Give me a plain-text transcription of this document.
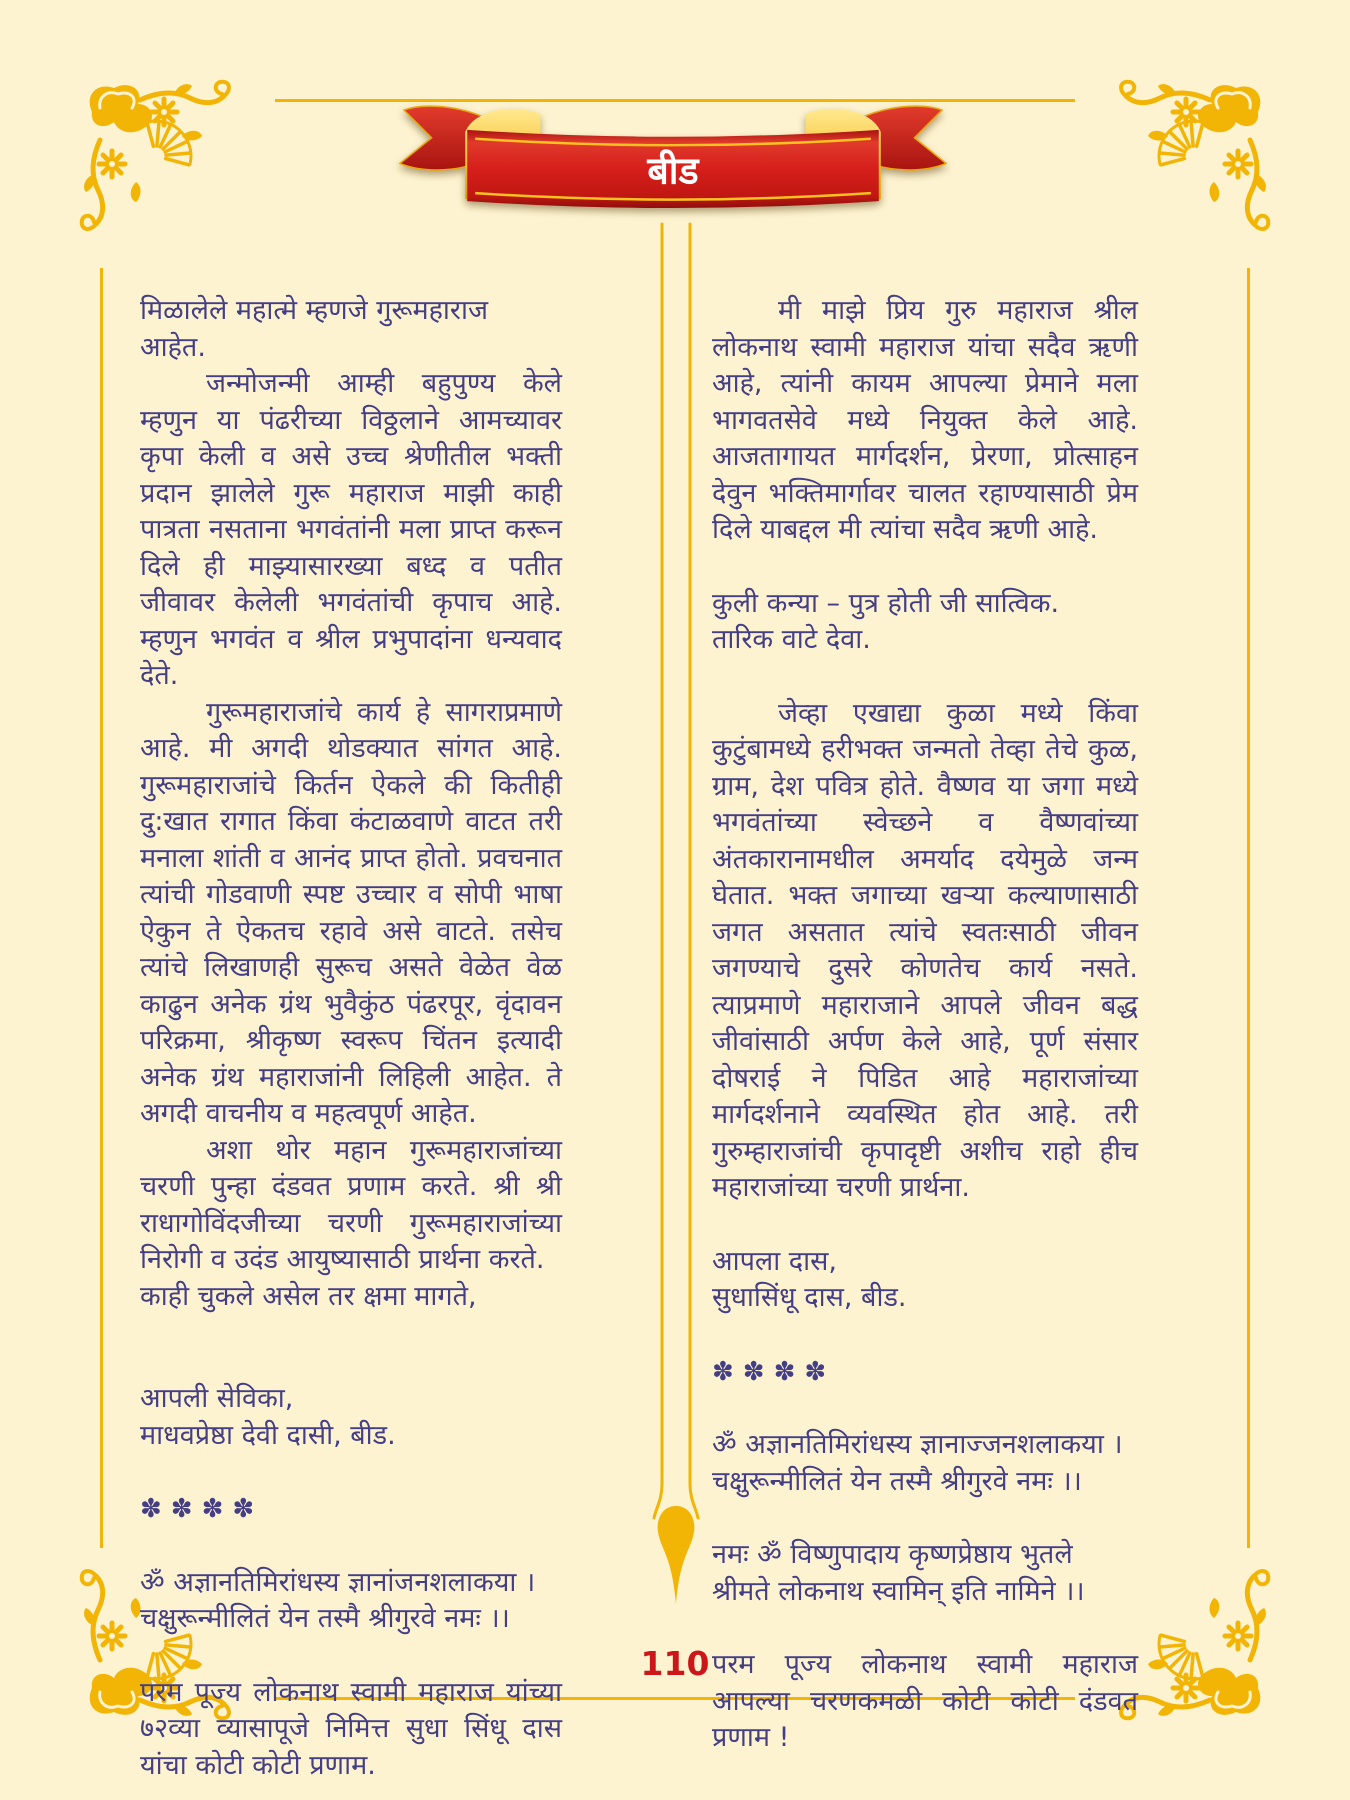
बीड

मिळालेले महात्मे म्हणजे गुरूमहाराज आहेत.

जन्मोजन्मी आम्ही बहुपुण्य केले म्हणुन या पंढरीच्या विठ्ठलाने आमच्यावर कृपा केली व असे उच्च श्रेणीतील भक्ती प्रदान झालेले गुरू महाराज माझी काही पात्रता नसताना भगवंतांनी मला प्राप्त करून दिले ही माझ्यासारख्या बध्द व पतीत जीवावर केलेली भगवंतांची कृपाच आहे. म्हणुन भगवंत व श्रील प्रभुपादांना धन्यवाद देते.

गुरूमहाराजांचे कार्य हे सागराप्रमाणे आहे. मी अगदी थोडक्यात सांगत आहे. गुरूमहाराजांचे किर्तन ऐकले की कितीही दु:खात रागात किंवा कंटाळवाणे वाटत तरी मनाला शांती व आनंद प्राप्त होतो. प्रवचनात त्यांची गोडवाणी स्पष्ट उच्चार व सोपी भाषा ऐकुन ते ऐकतच रहावे असे वाटते. तसेच त्यांचे लिखाणही सुरूच असते वेळेत वेळ काढुन अनेक ग्रंथ भुवैकुंठ पंढरपूर, वृंदावन परिक्रमा, श्रीकृष्ण स्वरूप चिंतन इत्यादी अनेक ग्रंथ महाराजांनी लिहिली आहेत. ते अगदी वाचनीय व महत्वपूर्ण आहेत.

अशा थोर महान गुरूमहाराजांच्या चरणी पुन्हा दंडवत प्रणाम करते. श्री श्री राधागोविंदजीच्या चरणी गुरूमहाराजांच्या निरोगी व उदंड आयुष्यासाठी प्रार्थना करते.

काही चुकले असेल तर क्षमा मागते,

आपली सेविका,

माधवप्रेष्ठा देवी दासी, बीड.

✽✽✽✽

ॐ अज्ञानतिमिरांधस्य ज्ञानांजनशलाकया ।

चक्षुरून्मीलितं येन तस्मै श्रीगुरवे नमः ।।

परम पूज्य लोकनाथ स्वामी महाराज यांच्या ७२व्या व्यासापूजे निमित्त सुधा सिंधू दास यांचा कोटी कोटी प्रणाम.

मी माझे प्रिय गुरु महाराज श्रील लोकनाथ स्वामी महाराज यांचा सदैव ऋणी आहे, त्यांनी कायम आपल्या प्रेमाने मला भागवतसेवे मध्ये नियुक्त केले आहे. आजतागायत मार्गदर्शन, प्रेरणा, प्रोत्साहन देवुन भक्तिमार्गावर चालत रहाण्यासाठी प्रेम दिले याबद्दल मी त्यांचा सदैव ऋणी आहे.

कुली कन्या – पुत्र होती जी सात्विक.

तारिक वाटे देवा.

जेव्हा एखाद्या कुळा मध्ये किंवा कुटुंबामध्ये हरीभक्त जन्मतो तेव्हा तेचे कुळ, ग्राम, देश पवित्र होते. वैष्णव या जगा मध्ये भगवंतांच्या स्वेच्छने व वैष्णवांच्या अंतकारानामधील अमर्याद दयेमुळे जन्म घेतात. भक्त जगाच्या खऱ्या कल्याणासाठी जगत असतात त्यांचे स्वतःसाठी जीवन जगण्याचे दुसरे कोणतेच कार्य नसते. त्याप्रमाणे महाराजाने आपले जीवन बद्ध जीवांसाठी अर्पण केले आहे, पूर्ण संसार दोषराई ने पिडित आहे महाराजांच्या मार्गदर्शनाने व्यवस्थित होत आहे. तरी गुरुम्हाराजांची कृपादृष्टी अशीच राहो हीच महाराजांच्या चरणी प्रार्थना.

आपला दास,

सुधासिंधू दास, बीड.

✽✽✽✽

ॐ अज्ञानतिमिरांधस्य ज्ञानाज्जनशलाकया ।

चक्षुरून्मीलितं येन तस्मै श्रीगुरवे नमः ।।

नमः ॐ विष्णुपादाय कृष्णप्रेष्ठाय भुतले

श्रीमते लोकनाथ स्वामिन् इति नामिने ।।

परम पूज्य लोकनाथ स्वामी महाराज आपल्या चरणकमळी कोटी कोटी दंडवत प्रणाम !

110
